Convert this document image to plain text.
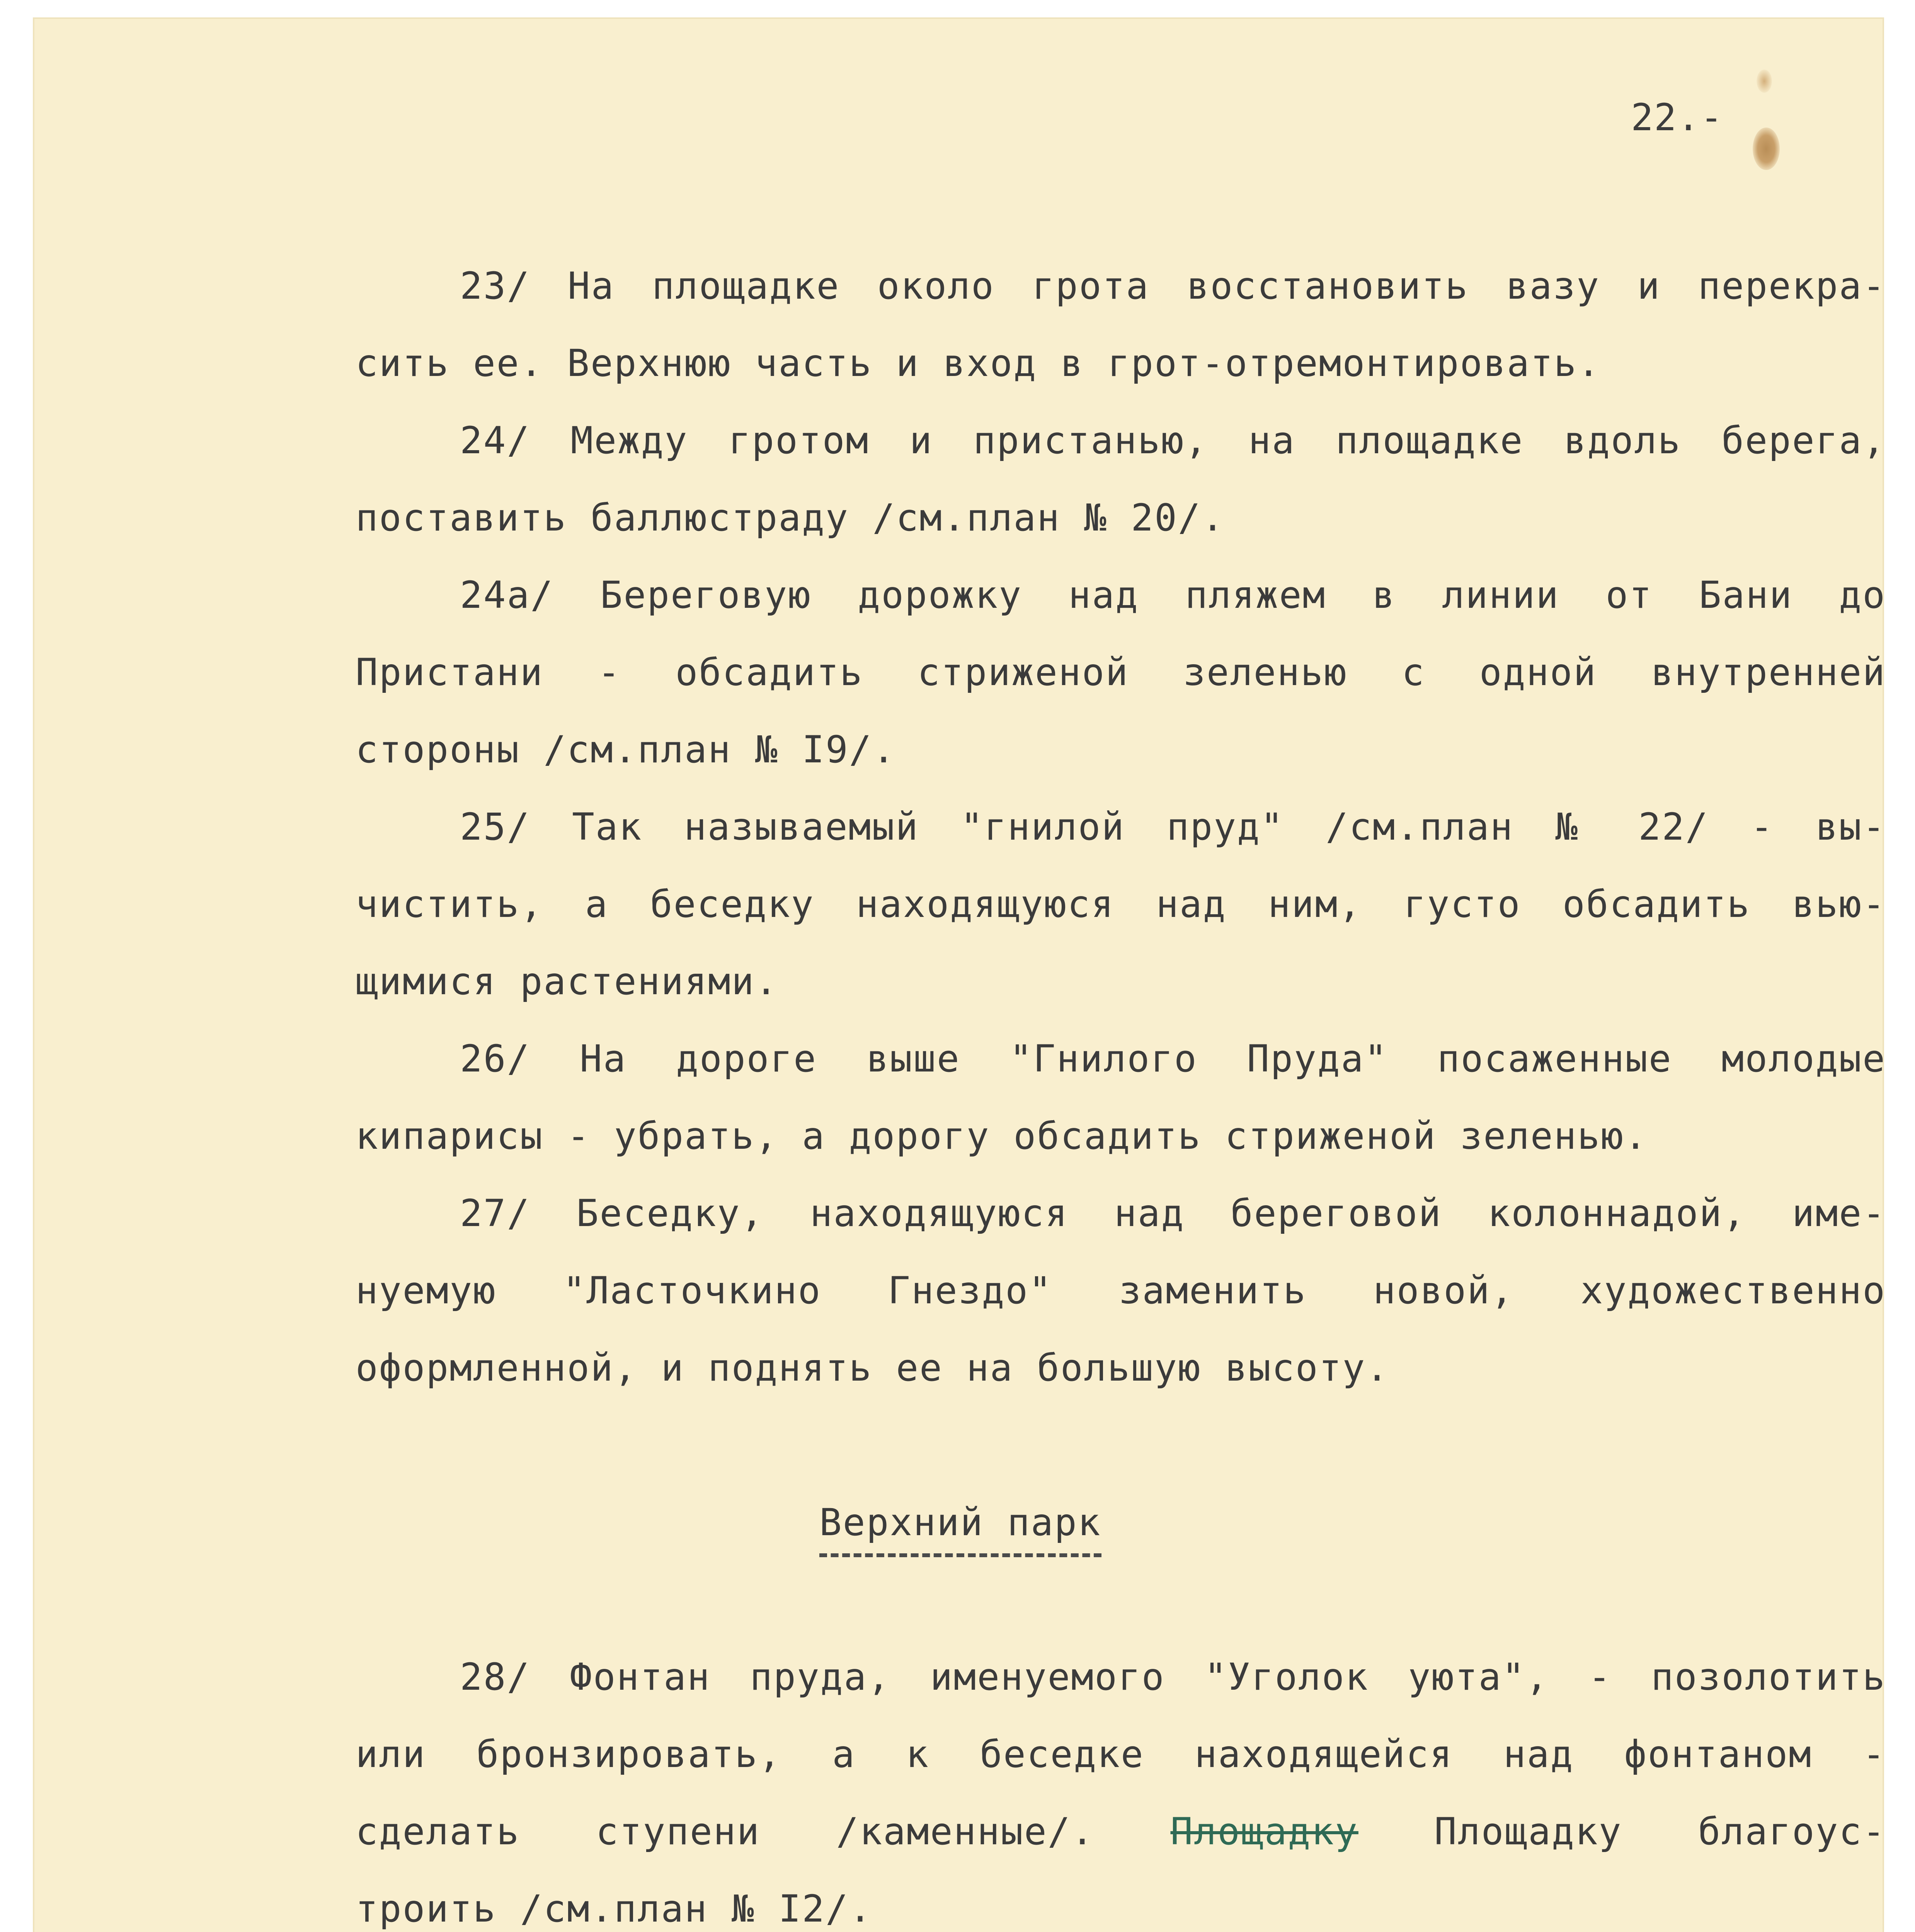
22.-
23/ На площадке около грота восстановить вазу и перекра-
сить ее. Верхнюю часть и вход в грот-отремонтировать.
24/ Между гротом и пристанью, на площадке вдоль берега,
поставить баллюстраду /см.план № 20/.
24а/ Береговую дорожку над пляжем в линии от Бани до
Пристани - обсадить стриженой зеленью с одной внутренней
стороны /см.план № I9/.
25/ Так называемый "гнилой пруд" /см.план № 22/ - вы-
чистить, а беседку находящуюся над ним, густо обсадить вью-
щимися растениями.
26/ На дороге выше "Гнилого Пруда" посаженные молодые
кипарисы - убрать, а дорогу обсадить стриженой зеленью.
27/ Беседку, находящуюся над береговой колоннадой, име-
нуемую "Ласточкино Гнездо" заменить новой, художественно
оформленной, и поднять ее на большую высоту.
Верхний парк
28/ Фонтан пруда, именуемого "Уголок уюта", - позолотить
или бронзировать, а к беседке находящейся над фонтаном -
сделать ступени /каменные/. Площадку Площадку благоус-
троить /см.план № I2/.
